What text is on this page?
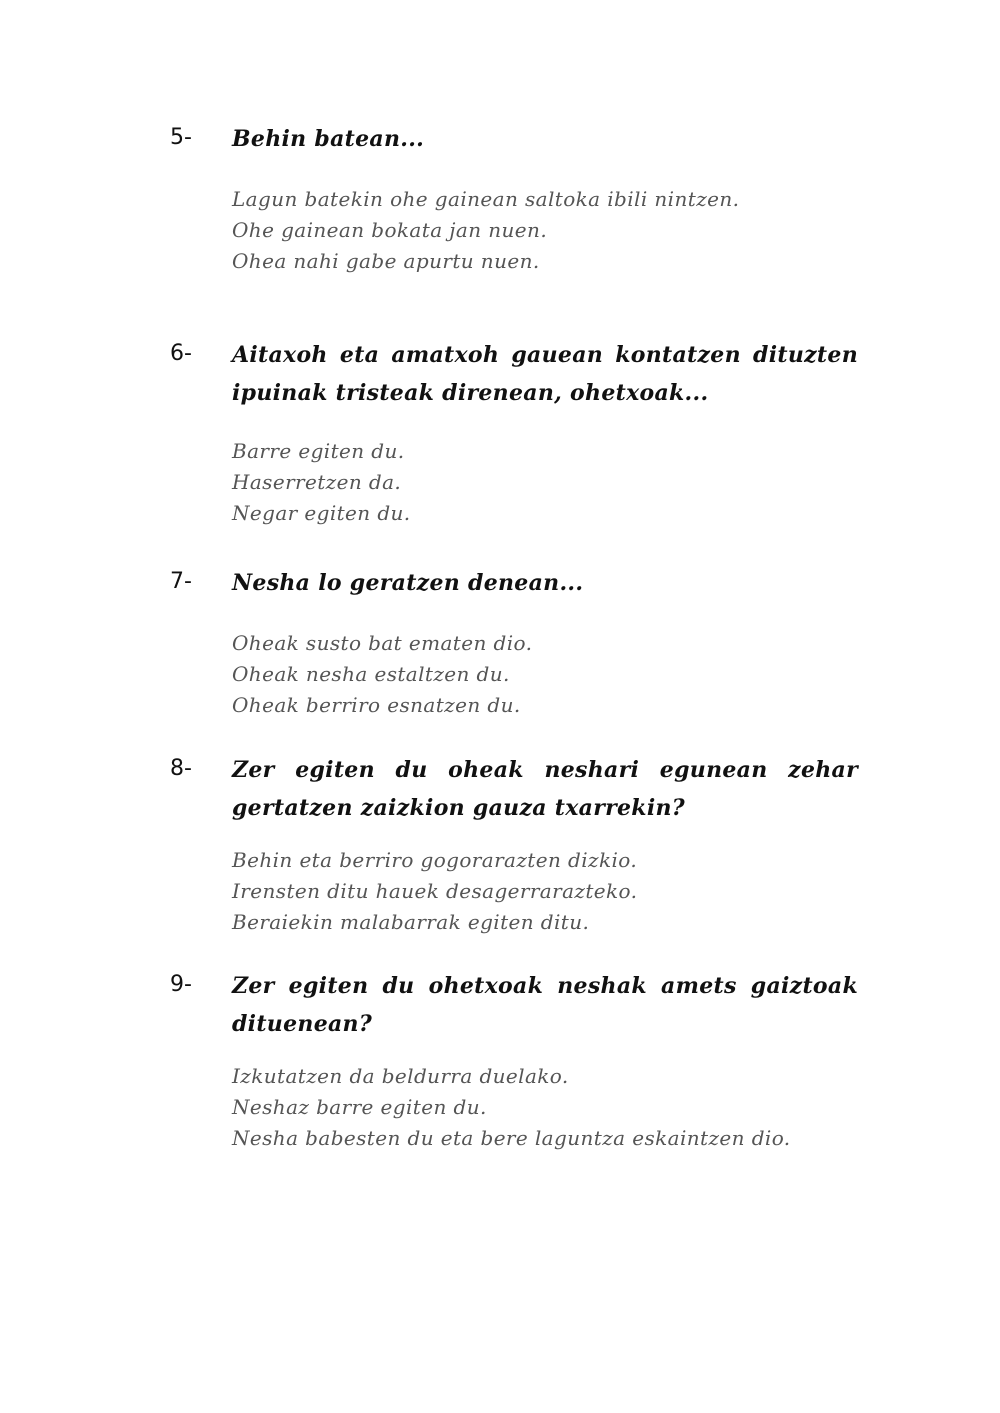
5-	Behin batean...
Lagun batekin ohe gainean saltoka ibili nintzen.
Ohe gainean bokata jan nuen.
Ohea nahi gabe apurtu nuen.
6-	Aitaxoh eta amatxoh gauean kontatzen dituzten ipuinak tristeak direnean, ohetxoak...
Barre egiten du.
Haserretzen da.
Negar egiten du.
7-	Nesha lo geratzen denean...
Oheak susto bat ematen dio.
Oheak nesha estaltzen du.
Oheak berriro esnatzen du.
8-	Zer egiten du oheak neshari egunean zehar gertatzen zaizkion gauza txarrekin?
Behin eta berriro gogorarazten dizkio.
Irensten ditu hauek desagerrarazteko.
Beraiekin malabarrak egiten ditu.
9-	Zer egiten du ohetxoak neshak amets gaiztoak dituenean?
Izkutatzen da beldurra duelako.
Neshaz barre egiten du.
Nesha babesten du eta bere laguntza eskaintzen dio.
